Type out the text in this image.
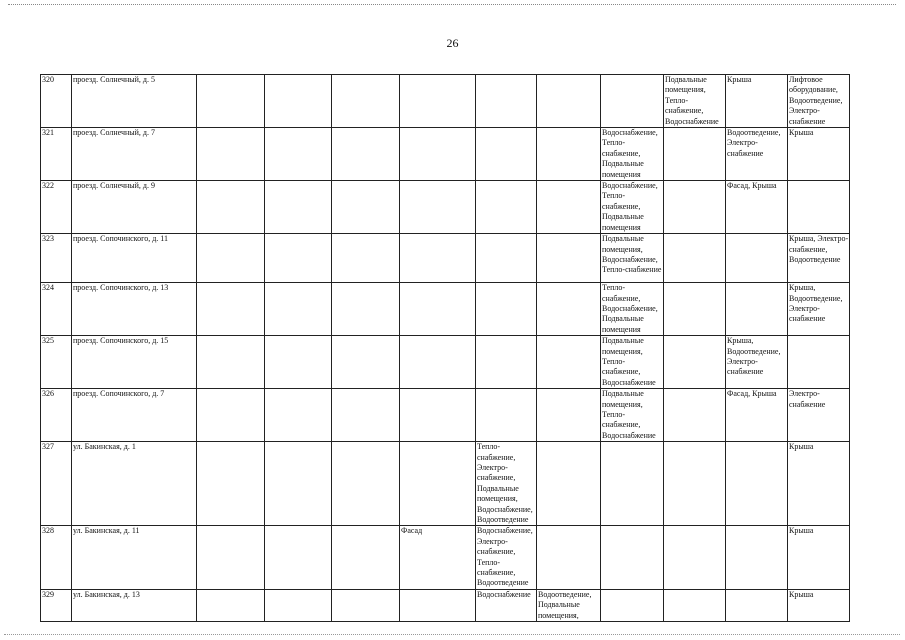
26
320	проезд. Солнечный, д. 5								Подвальные помещения, Тепло-снабжение, Водоснабжение	Крыша	Лифтовое оборудование, Водоотведение, Электро-снабжение
321	проезд. Солнечный, д. 7							Водоснабжение, Тепло-снабжение, Подвальные помещения		Водоотведение, Электро-снабжение	Крыша
322	проезд. Солнечный, д. 9							Водоснабжение, Тепло-снабжение, Подвальные помещения		Фасад, Крыша	
323	проезд. Сопочинского, д. 11							Подвальные помещения, Водоснабжение, Тепло-снабжение			Крыша, Электро-снабжение, Водоотведение
324	проезд. Сопочинского, д. 13							Тепло-снабжение, Водоснабжение, Подвальные помещения			Крыша, Водоотведение, Электро-снабжение
325	проезд. Сопочинского, д. 15							Подвальные помещения, Тепло-снабжение, Водоснабжение		Крыша, Водоотведение, Электро-снабжение	
326	проезд. Сопочинского, д. 7							Подвальные помещения, Тепло-снабжение, Водоснабжение		Фасад, Крыша	Электро-снабжение
327	ул. Бакинская, д. 1					Тепло-снабжение, Электро-снабжение, Подвальные помещения, Водоснабжение, Водоотведение					Крыша
328	ул. Бакинская, д. 11				Фасад	Водоснабжение, Электро-снабжение, Тепло-снабжение, Водоотведение					Крыша
329	ул. Бакинская, д. 13					Водоснабжение	Водоотведение, Подвальные помещения,				Крыша
